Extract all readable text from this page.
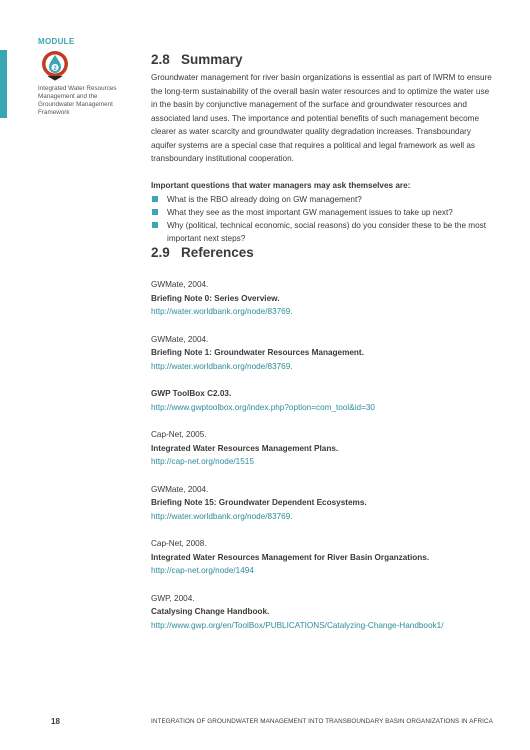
MODULE
2
Integrated Water Resources Management and the Groundwater Management Framework
2.8 Summary

Groundwater management for river basin organizations is essential as part of IWRM to ensure the long-term sustainability of the overall basin water resources and to optimize the water use in the basin by conjunctive management of the surface and groundwater resources and associated land uses. The importance and potential benefits of such management become clearer as water scarcity and groundwater quality degradation increases. Transboundary aquifer systems are a special case that requires a political and legal framework as well as transboundary institutional cooperation.

Important questions that water managers may ask themselves are:
What is the RBO already doing on GW management?
What they see as the most important GW management issues to take up next?
Why (political, technical economic, social reasons) do you consider these to be the most important next steps?
2.9 References
GWMate, 2004.
Briefing Note 0: Series Overview.
http://water.worldbank.org/node/83769.
GWMate, 2004.
Briefing Note 1: Groundwater Resources Management.
http://water.worldbank.org/node/83769.
GWP ToolBox C2.03.
http://www.gwptoolbox.org/index.php?option=com_tool&id=30
Cap-Net, 2005.
Integrated Water Resources Management Plans.
http://cap-net.org/node/1515
GWMate, 2004.
Briefing Note 15: Groundwater Dependent Ecosystems.
http://water.worldbank.org/node/83769.
Cap-Net, 2008.
Integrated Water Resources Management for River Basin Organzations.
http://cap-net.org/node/1494
GWP, 2004.
Catalysing Change Handbook.
http://www.gwp.org/en/ToolBox/PUBLICATIONS/Catalyzing-Change-Handbook1/
18	INTEGRATION OF GROUNDWATER MANAGEMENT INTO TRANSBOUNDARY BASIN ORGANIZATIONS IN AFRICA
